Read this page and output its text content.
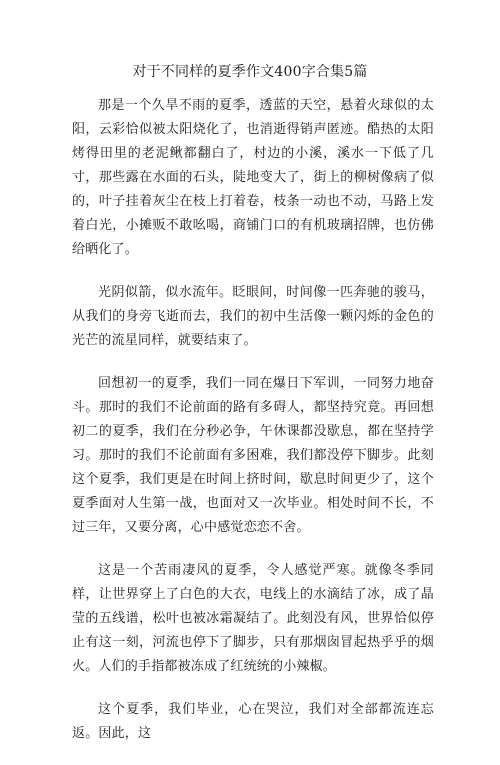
对于不同样的夏季作文400字合集5篇

那是一个久旱不雨的夏季，透蓝的天空，悬着火球似的太阳，云彩恰似被太阳烧化了，也消逝得销声匿迹。酷热的太阳烤得田里的老泥鳅都翻白了，村边的小溪，溪水一下低了几寸，那些露在水面的石头，陡地变大了，街上的柳树像病了似的，叶子挂着灰尘在枝上打着卷，枝条一动也不动，马路上发着白光，小摊贩不敢吆喝，商铺门口的有机玻璃招牌，也仿佛给晒化了。

光阴似箭，似水流年。眨眼间，时间像一匹奔驰的骏马，从我们的身旁飞逝而去，我们的初中生活像一颗闪烁的金色的光芒的流星同样，就要结束了。

回想初一的夏季，我们一同在爆日下军训，一同努力地奋斗。那时的我们不论前面的路有多碍人，都坚持究竟。再回想初二的夏季，我们在分秒必争，午休课都没歇息，都在坚持学习。那时的我们不论前面有多困难，我们都没停下脚步。此刻这个夏季，我们更是在时间上挤时间，歇息时间更少了，这个夏季面对人生第一战，也面对又一次毕业。相处时间不长，不过三年，又要分离，心中感觉恋恋不舍。

这是一个苦雨凄风的夏季，令人感觉严寒。就像冬季同样，让世界穿上了白色的大衣，电线上的水滴结了冰，成了晶莹的五线谱，松叶也被冰霜凝结了。此刻没有风，世界恰似停止有这一刻，河流也停下了脚步，只有那烟囱冒起热乎乎的烟火。人们的手指都被冻成了红统统的小辣椒。

这个夏季，我们毕业，心在哭泣，我们对全部都流连忘返。因此，这
